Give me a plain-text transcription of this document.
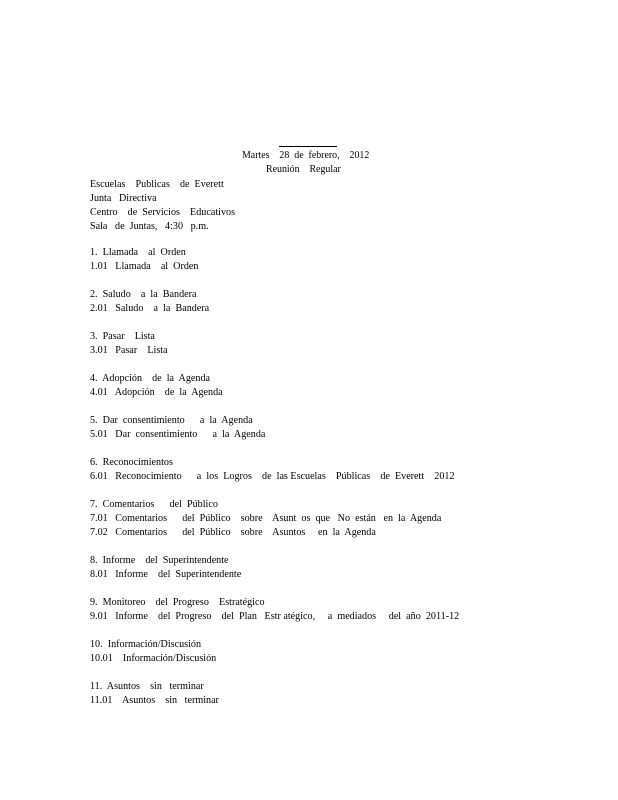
Martes    28  de  febrero,    2012
Reunión    Regular
Escuelas    Publicas    de  Everett
Junta   Directiva
Centro    de  Servicios    Educativos
Sala   de  Juntas,   4:30   p.m.
1.  Llamada    al  Orden
1.01   Llamada    al  Orden
2.  Saludo    a  la  Bandera
2.01   Saludo    a  la  Bandera
3.  Pasar    Lista
3.01   Pasar    Lista
4.  Adopción    de  la  Agenda
4.01   Adopción    de  la  Agenda
5.  Dar  consentimiento      a  la  Agenda
5.01   Dar  consentimiento      a  la  Agenda
6.  Reconocimientos
6.01   Reconocimiento      a  los  Logros    de  las Escuelas    Públicas    de  Everett    2012
7.  Comentarios      del  Público
7.01   Comentarios      del  Público    sobre    Asunt  os  que   No  están   en  la  Agenda
7.02   Comentarios      del  Público    sobre    Asuntos     en  la  Agenda
8.  Informe    del  Superintendente
8.01   Informe    del  Superintendente
9.  Monitoreo    del  Progreso    Estratégico
9.01   Informe    del  Progreso    del  Plan   Estr atégico,     a  mediados     del  año  2011-12
10.  Información/Discusión
10.01    Información/Discusión
11.  Asuntos    sin   terminar
11.01    Asuntos    sin   terminar
